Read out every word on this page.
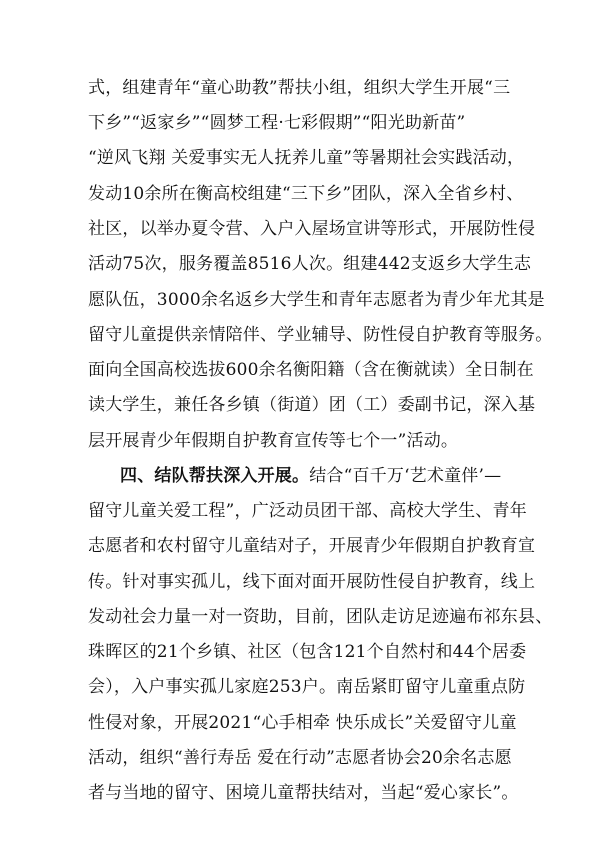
式，组建青年“童心助教”帮扶小组，组织大学生开展“三
下乡”“返家乡”“圆梦工程·七彩假期”“阳光助新苗”
“逆风飞翔 关爱事实无人抚养儿童”等暑期社会实践活动，
发动10余所在衡高校组建“三下乡”团队，深入全省乡村、
社区，以举办夏令营、入户入屋场宣讲等形式，开展防性侵
活动75次，服务覆盖8516人次。组建442支返乡大学生志
愿队伍，3000余名返乡大学生和青年志愿者为青少年尤其是
留守儿童提供亲情陪伴、学业辅导、防性侵自护教育等服务。
面向全国高校选拔600余名衡阳籍（含在衡就读）全日制在
读大学生，兼任各乡镇（街道）团（工）委副书记，深入基
层开展青少年假期自护教育宣传等七个一”活动。
四、结队帮扶深入开展。结合“百千万‘艺术童伴’—
留守儿童关爱工程”，广泛动员团干部、高校大学生、青年
志愿者和农村留守儿童结对子，开展青少年假期自护教育宣
传。针对事实孤儿，线下面对面开展防性侵自护教育，线上
发动社会力量一对一资助，目前，团队走访足迹遍布祁东县、
珠晖区的21个乡镇、社区（包含121个自然村和44个居委
会），入户事实孤儿家庭253户。南岳紧盯留守儿童重点防
性侵对象，开展2021“心手相牵 快乐成长”关爱留守儿童
活动，组织“善行寿岳 爱在行动”志愿者协会20余名志愿
者与当地的留守、困境儿童帮扶结对，当起“爱心家长”。
